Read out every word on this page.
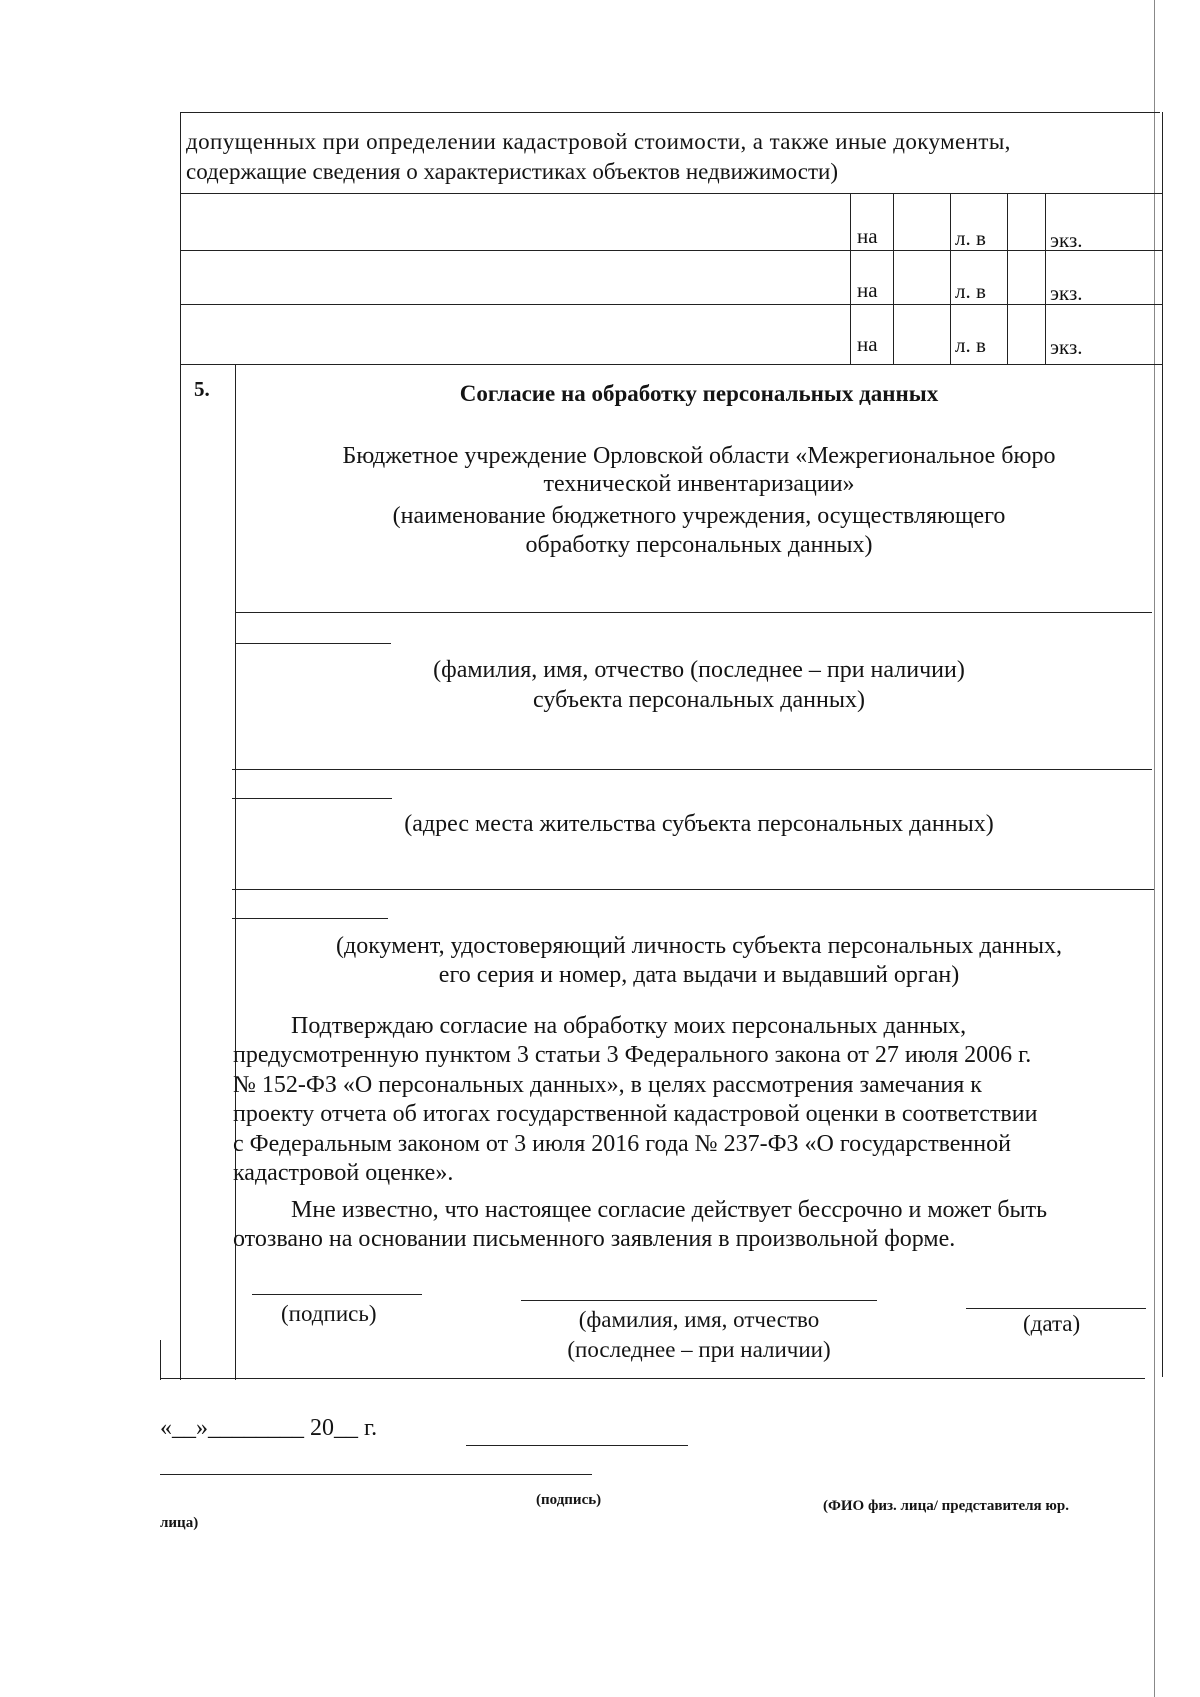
допущенных при определении кадастровой стоимости, а также иные документы,
содержащие сведения о характеристиках объектов недвижимости)
на	л. в	экз.
на	л. в	экз.
на	л. в	экз.
5.	Согласие на обработку персональных данных
Бюджетное учреждение Орловской области «Межрегиональное бюро
технической инвентаризации»
(наименование бюджетного учреждения, осуществляющего
обработку персональных данных)
(фамилия, имя, отчество (последнее – при наличии)
субъекта персональных данных)
(адрес места жительства субъекта персональных данных)
(документ, удостоверяющий личность субъекта персональных данных,
его серия и номер, дата выдачи и выдавший орган)
Подтверждаю согласие на обработку моих персональных данных,
предусмотренную пунктом 3 статьи 3 Федерального закона от 27 июля 2006 г.
№ 152-ФЗ «О персональных данных», в целях рассмотрения замечания к
проекту отчета об итогах государственной кадастровой оценки в соответствии
с Федеральным законом от 3 июля 2016 года № 237-ФЗ «О государственной
кадастровой оценке».
Мне известно, что настоящее согласие действует бессрочно и может быть
отозвано на основании письменного заявления в произвольной форме.
(подпись)	(фамилия, имя, отчество
(последнее – при наличии)
(дата)
«__»________ 20__ г.
(подпись)	(ФИО физ. лица/ представителя юр.
лица)
